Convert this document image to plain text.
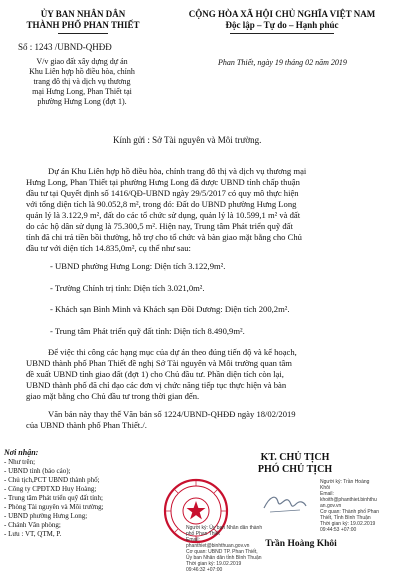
ỦY BAN NHÂN DÂN
THÀNH PHỐ PHAN THIẾT
Số : 1243 /UBND-QHĐĐ
CỘNG HÒA XÃ HỘI CHỦ NGHĨA VIỆT NAM
Độc lập – Tự do – Hạnh phúc
V/v giao đất xây dựng dự án
Khu Liên hợp hồ điều hòa, chỉnh
trang đô thị và dịch vụ thương
mại Hưng Long, Phan Thiết tại
phường Hưng Long (đợt 1).
Phan Thiết, ngày 19 tháng 02 năm 2019
Kính gửi : Sở Tài nguyên và Môi trường.
Dự án Khu Liên hợp hồ điều hòa, chỉnh trang đô thị và dịch vụ thương mại
Hưng Long, Phan Thiết tại phường Hưng Long đã được UBND tỉnh chấp thuận
đầu tư tại Quyết định số 1416/QĐ-UBND ngày 29/5/2017 có quy mô thực hiện
với tổng diện tích là 90.052,8 m², trong đó: Đất do UBND phường Hưng Long
quản lý là 3.122,9 m², đất do các tổ chức sử dụng, quản lý là 10.599,1 m² và đất
do các hộ dân sử dụng là 75.300,5 m². Hiện nay, Trung tâm Phát triển quỹ đất
tỉnh đã chi trả tiền bồi thường, hỗ trợ cho tổ chức và bàn giao mặt bằng cho Chủ
đầu tư với diện tích 14.835,0m², cụ thể như sau:
- UBND phường Hưng Long: Diện tích 3.122,9m².
- Trường Chính trị tỉnh: Diện tích 3.021,0m².
- Khách sạn Bình Minh và Khách sạn Đồi Dương: Diện tích 200,2m².
- Trung tâm Phát triển quỹ đất tỉnh: Diện tích 8.490,9m².
Để việc thi công các hạng mục của dự án theo đúng tiến độ và kế hoạch,
UBND thành phố Phan Thiết đề nghị Sở Tài nguyên và Môi trường quan tâm
đề xuất UBND tỉnh giao đất (đợt 1) cho Chủ đầu tư. Phần diện tích còn lại,
UBND thành phố đã chỉ đạo các đơn vị chức năng tiếp tục thực hiện và bàn
giao mặt bằng cho Chủ đầu tư trong thời gian đến.
Văn bản này thay thế Văn bản số 1224/UBND-QHĐĐ ngày 18/02/2019
của UBND thành phố Phan Thiết./.
Nơi nhận:
- Như trên;
- UBND tỉnh (báo cáo);
- Chủ tịch,PCT UBND thành phố;
- Công ty CPĐTXD Huy Hoàng;
- Trung tâm Phát triển quỹ đất tỉnh;
- Phòng Tài nguyên và Môi trường;
- UBND phường Hưng Long;
- Chánh Văn phòng;
- Lưu : VT, QTM, P.
KT. CHỦ TỊCH
PHÓ CHỦ TỊCH
Người ký: Trần Hoàng
Khôi
Email:
khoith@phanthiet.binhthu
an.gov.vn
Cơ quan: Thành phố Phan
Thiết, Tỉnh Bình Thuận
Thời gian ký: 19.02.2019
09:44:53 +07:00
Trần Hoàng Khôi
Người ký: Ủy ban Nhân dân thành
phố Phan Thiết
Email:
phanthiet@binhthuan.gov.vn
Cơ quan: UBND TP. Phan Thiết,
Ủy ban Nhân dân tỉnh Bình Thuận
Thời gian ký: 19.02.2019
09:46:32 +07:00
